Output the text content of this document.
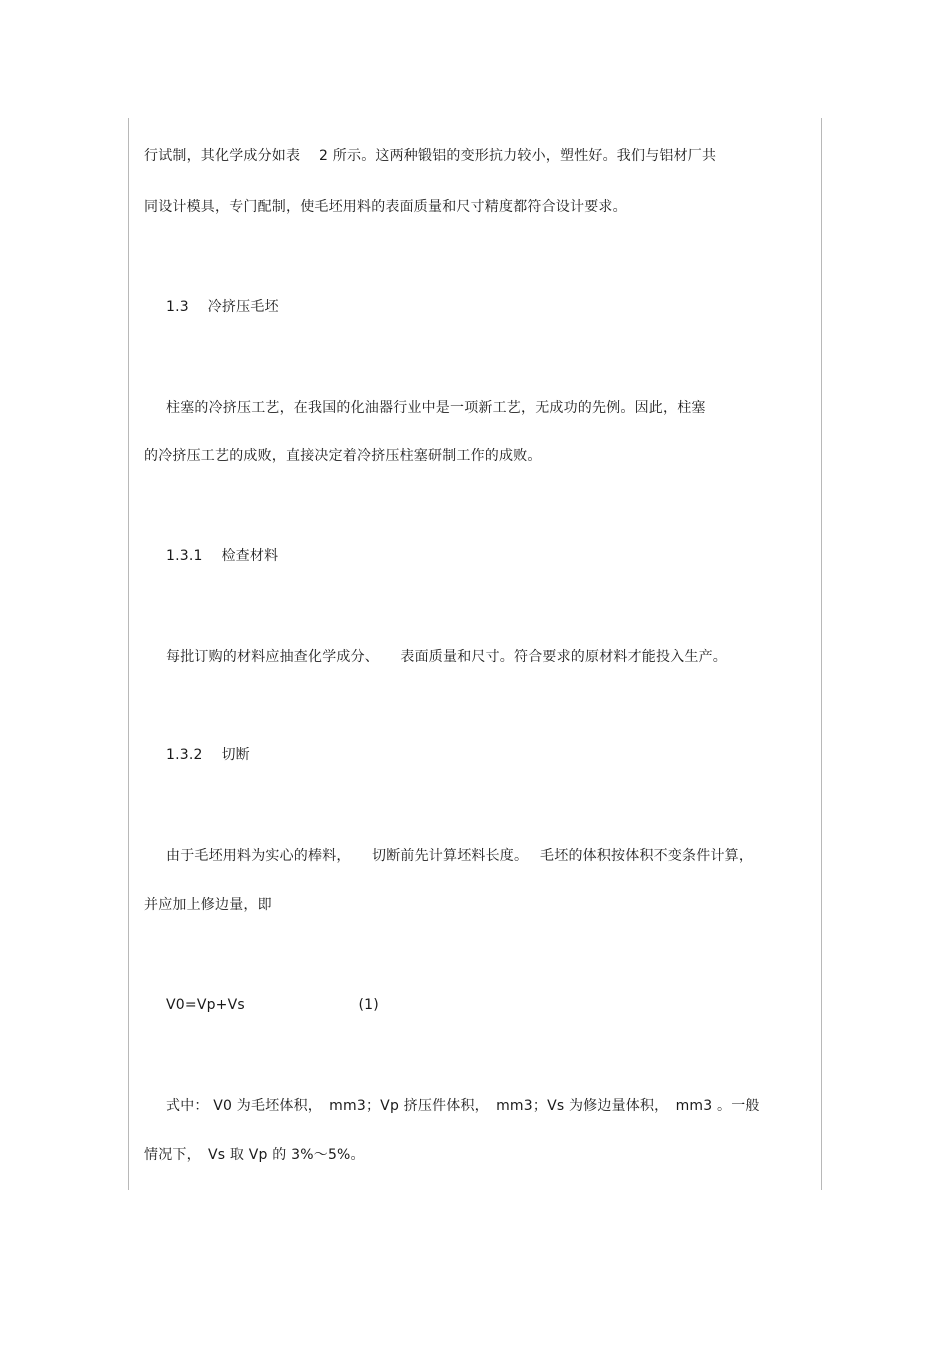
行试制，其化学成分如表　 2 所示。这两种锻铝的变形抗力较小，塑性好。我们与铝材厂共
同设计模具，专门配制，使毛坯用料的表面质量和尺寸精度都符合设计要求。
1.3　 冷挤压毛坯
柱塞的冷挤压工艺，在我国的化油器行业中是一项新工艺，无成功的先例。因此，柱塞
的冷挤压工艺的成败，直接决定着冷挤压柱塞研制工作的成败。
1.3.1　 检查材料
每批订购的材料应抽查化学成分、　　表面质量和尺寸。符合要求的原材料才能投入生产。
1.3.2　 切断
由于毛坯用料为实心的棒料，　　切断前先计算坯料长度。　 毛坯的体积按体积不变条件计算，
并应加上修边量，即
V0=Vp+Vs　　　　　　　　(1)
式中： V0 为毛坯体积，　mm3；Vp 挤压件体积，　mm3；Vs 为修边量体积，　mm3 。一般
情况下，　Vs 取 Vp 的 3%～5%。
